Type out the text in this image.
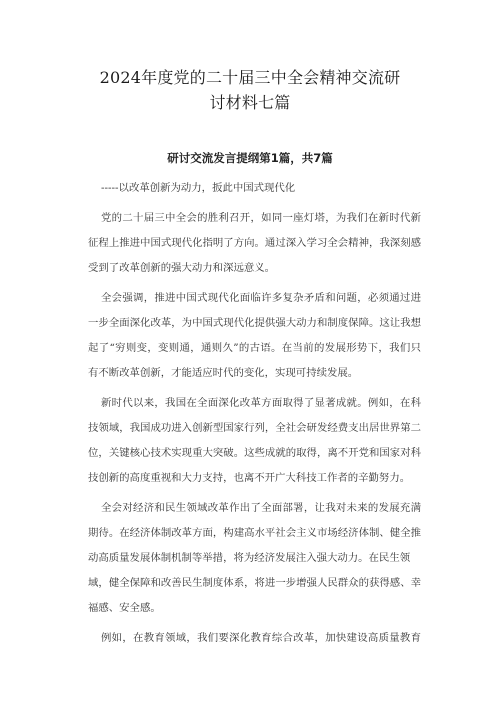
2024年度党的二十届三中全会精神交流研
讨材料七篇
研讨交流发言提纲第1篇，共7篇
-----以改革创新为动力，扳此中国式现代化
党的二十届三中全会的胜利召开，如同一座灯塔，为我们在新时代新
征程上推进中国式现代化指明了方向。通过深入学习全会精神，我深刻感
受到了改革创新的强大动力和深远意义。
全会强调，推进中国式现代化面临许多复杂矛盾和问题，必须通过进
一步全面深化改革，为中国式现代化提供强大动力和制度保障。这让我想
起了“穷则变，变则通，通则久”的古语。在当前的发展形势下，我们只
有不断改革创新，才能适应时代的变化，实现可持续发展。
新时代以来，我国在全面深化改革方面取得了显著成就。例如，在科
技领域，我国成功进入创新型国家行列，全社会研发经费支出居世界第二
位，关键核心技术实现重大突破。这些成就的取得，离不开党和国家对科
技创新的高度重视和大力支持，也离不开广大科技工作者的辛勤努力。
全会对经济和民生领域改革作出了全面部署，让我对未来的发展充满
期待。在经济体制改革方面，构建高水平社会主义市场经济体制、健全推
动高质量发展体制机制等举措，将为经济发展注入强大动力。在民生领
域，健全保障和改善民生制度体系，将进一步增强人民群众的获得感、幸
福感、安全感。
例如，在教育领域，我们要深化教育综合改革，加快建设高质量教育
